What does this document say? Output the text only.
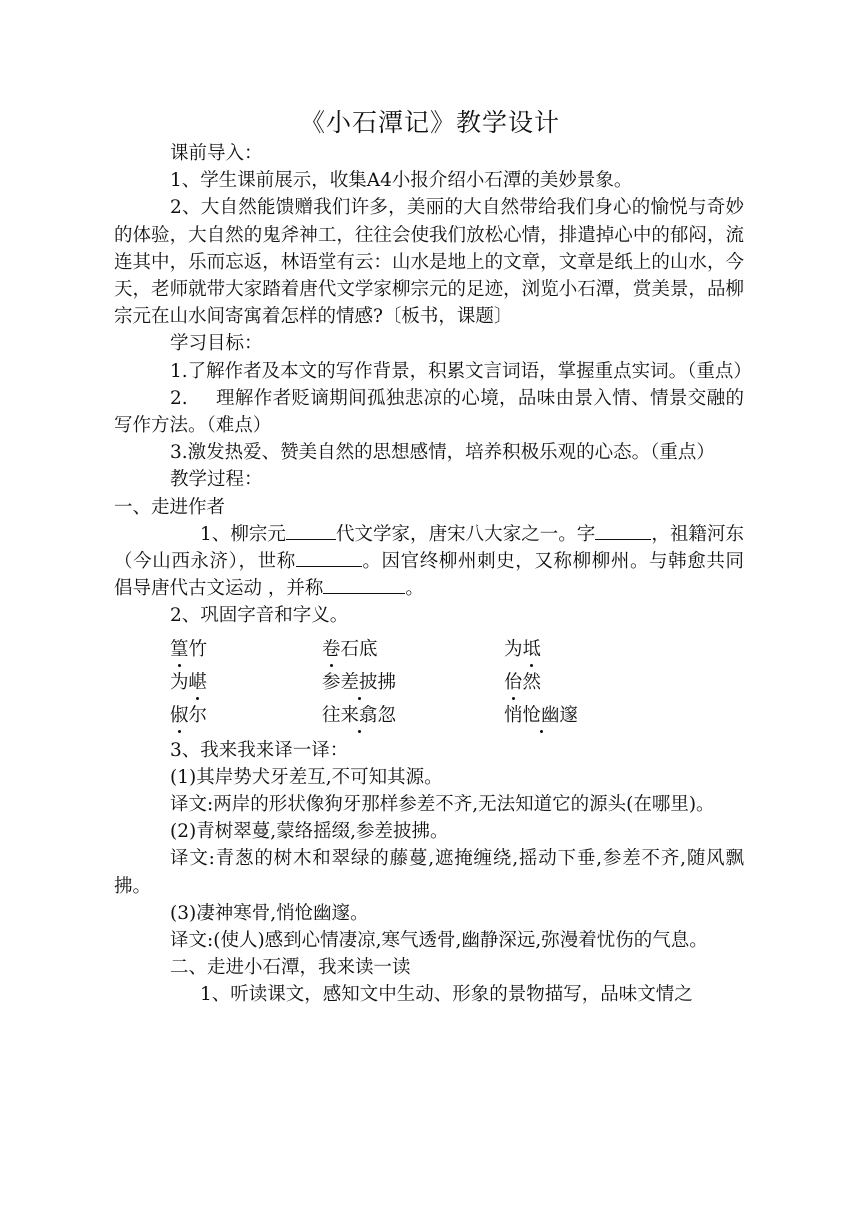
《小石潭记》教学设计

课前导入：

1、学生课前展示，收集A4小报介绍小石潭的美妙景象。

2、大自然能馈赠我们许多，美丽的大自然带给我们身心的愉悦与奇妙的体验，大自然的鬼斧神工，往往会使我们放松心情，排遣掉心中的郁闷，流连其中，乐而忘返，林语堂有云：山水是地上的文章，文章是纸上的山水，今天，老师就带大家踏着唐代文学家柳宗元的足迹，浏览小石潭，赏美景，品柳宗元在山水间寄寓着怎样的情感?〔板书，课题〕

学习目标：

1.了解作者及本文的写作背景，积累文言词语，掌握重点实词。（重点）

2. 理解作者贬谪期间孤独悲凉的心境，品味由景入情、情景交融的写作方法。（难点）

3.激发热爱、赞美自然的思想感情，培养积极乐观的心态。（重点）

教学过程：

一、走进作者

1、柳宗元	代文学家，唐宋八大家之一。字	，祖籍河东（今山西永济），世称	。因官终柳州刺史，又称柳柳州。与韩愈共同倡导唐代古文运动 ，并称	。

2、巩固字音和字义。

篁竹	卷石底	为坻
为嵁	参差披拂	佁然
俶尔	往来翕忽	悄怆幽邃

3、我来我来译一译：

(1)其岸势犬牙差互,不可知其源。

译文:两岸的形状像狗牙那样参差不齐,无法知道它的源头(在哪里)。

(2)青树翠蔓,蒙络摇缀,参差披拂。

译文:青葱的树木和翠绿的藤蔓,遮掩缠绕,摇动下垂,参差不齐,随风飘拂。

(3)凄神寒骨,悄怆幽邃。

译文:(使人)感到心情凄凉,寒气透骨,幽静深远,弥漫着忧伤的气息。

二、走进小石潭，我来读一读

1、听读课文，感知文中生动、形象的景物描写，品味文情之
